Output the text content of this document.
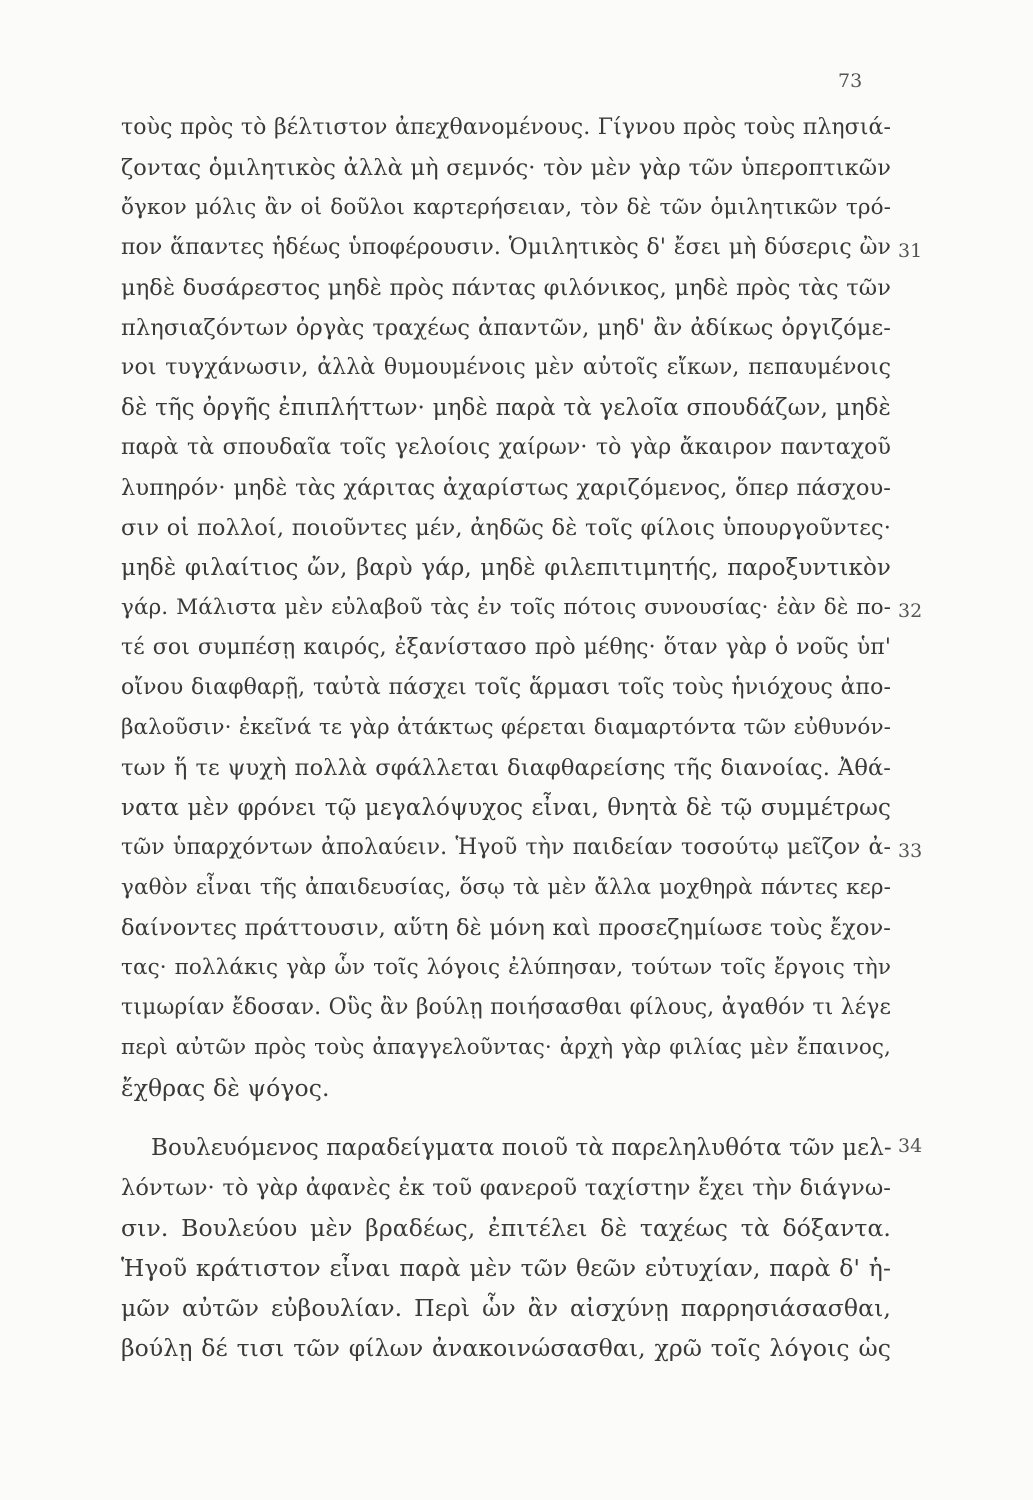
73
τοὺς πρὸς τὸ βέλτιστον ἀπεχθανομένους. Γίγνου πρὸς τοὺς πλησιά-
ζοντας ὁμιλητικὸς ἀλλὰ μὴ σεμνός· τὸν μὲν γὰρ τῶν ὑπεροπτικῶν
ὄγκον μόλις ἂν οἱ δοῦλοι καρτερήσειαν, τὸν δὲ τῶν ὁμιλητικῶν τρό-
πον ἅπαντες ἡδέως ὑποφέρουσιν. Ὁμιλητικὸς δ' ἔσει μὴ δύσερις ὢν
μηδὲ δυσάρεστος μηδὲ πρὸς πάντας φιλόνικος, μηδὲ πρὸς τὰς τῶν
πλησιαζόντων ὀργὰς τραχέως ἀπαντῶν, μηδ' ἂν ἀδίκως ὀργιζόμε-
νοι τυγχάνωσιν, ἀλλὰ θυμουμένοις μὲν αὐτοῖς εἴκων, πεπαυμένοις
δὲ τῆς ὀργῆς ἐπιπλήττων· μηδὲ παρὰ τὰ γελοῖα σπουδάζων, μηδὲ
παρὰ τὰ σπουδαῖα τοῖς γελοίοις χαίρων· τὸ γὰρ ἄκαιρον πανταχοῦ
λυπηρόν· μηδὲ τὰς χάριτας ἀχαρίστως χαριζόμενος, ὅπερ πάσχου-
σιν οἱ πολλοί, ποιοῦντες μέν, ἀηδῶς δὲ τοῖς φίλοις ὑπουργοῦντες·
μηδὲ φιλαίτιος ὤν, βαρὺ γάρ, μηδὲ φιλεπιτιμητής, παροξυντικὸν
γάρ. Μάλιστα μὲν εὐλαβοῦ τὰς ἐν τοῖς πότοις συνουσίας· ἐὰν δὲ πο-
τέ σοι συμπέσῃ καιρός, ἐξανίστασο πρὸ μέθης· ὅταν γὰρ ὁ νοῦς ὑπ'
οἴνου διαφθαρῇ, ταὐτὰ πάσχει τοῖς ἅρμασι τοῖς τοὺς ἡνιόχους ἀπο-
βαλοῦσιν· ἐκεῖνά τε γὰρ ἀτάκτως φέρεται διαμαρτόντα τῶν εὐθυνόν-
των ἥ τε ψυχὴ πολλὰ σφάλλεται διαφθαρείσης τῆς διανοίας. Ἀθά-
νατα μὲν φρόνει τῷ μεγαλόψυχος εἶναι, θνητὰ δὲ τῷ συμμέτρως
τῶν ὑπαρχόντων ἀπολαύειν. Ἡγοῦ τὴν παιδείαν τοσούτῳ μεῖζον ἀ-
γαθὸν εἶναι τῆς ἀπαιδευσίας, ὅσῳ τὰ μὲν ἄλλα μοχθηρὰ πάντες κερ-
δαίνοντες πράττουσιν, αὕτη δὲ μόνη καὶ προσεζημίωσε τοὺς ἔχον-
τας· πολλάκις γὰρ ὧν τοῖς λόγοις ἐλύπησαν, τούτων τοῖς ἔργοις τὴν
τιμωρίαν ἔδοσαν. Οὓς ἂν βούλῃ ποιήσασθαι φίλους, ἀγαθόν τι λέγε
περὶ αὐτῶν πρὸς τοὺς ἀπαγγελοῦντας· ἀρχὴ γὰρ φιλίας μὲν ἔπαινος,
ἔχθρας δὲ ψόγος.
Βουλευόμενος παραδείγματα ποιοῦ τὰ παρεληλυθότα τῶν μελ-
λόντων· τὸ γὰρ ἀφανὲς ἐκ τοῦ φανεροῦ ταχίστην ἔχει τὴν διάγνω-
σιν. Βουλεύου μὲν βραδέως, ἐπιτέλει δὲ ταχέως τὰ δόξαντα.
Ἡγοῦ κράτιστον εἶναι παρὰ μὲν τῶν θεῶν εὐτυχίαν, παρὰ δ' ἡ-
μῶν αὐτῶν εὐβουλίαν. Περὶ ὧν ἂν αἰσχύνῃ παρρησιάσασθαι,
βούλῃ δέ τισι τῶν φίλων ἀνακοινώσασθαι, χρῶ τοῖς λόγοις ὡς
31
32
33
34
